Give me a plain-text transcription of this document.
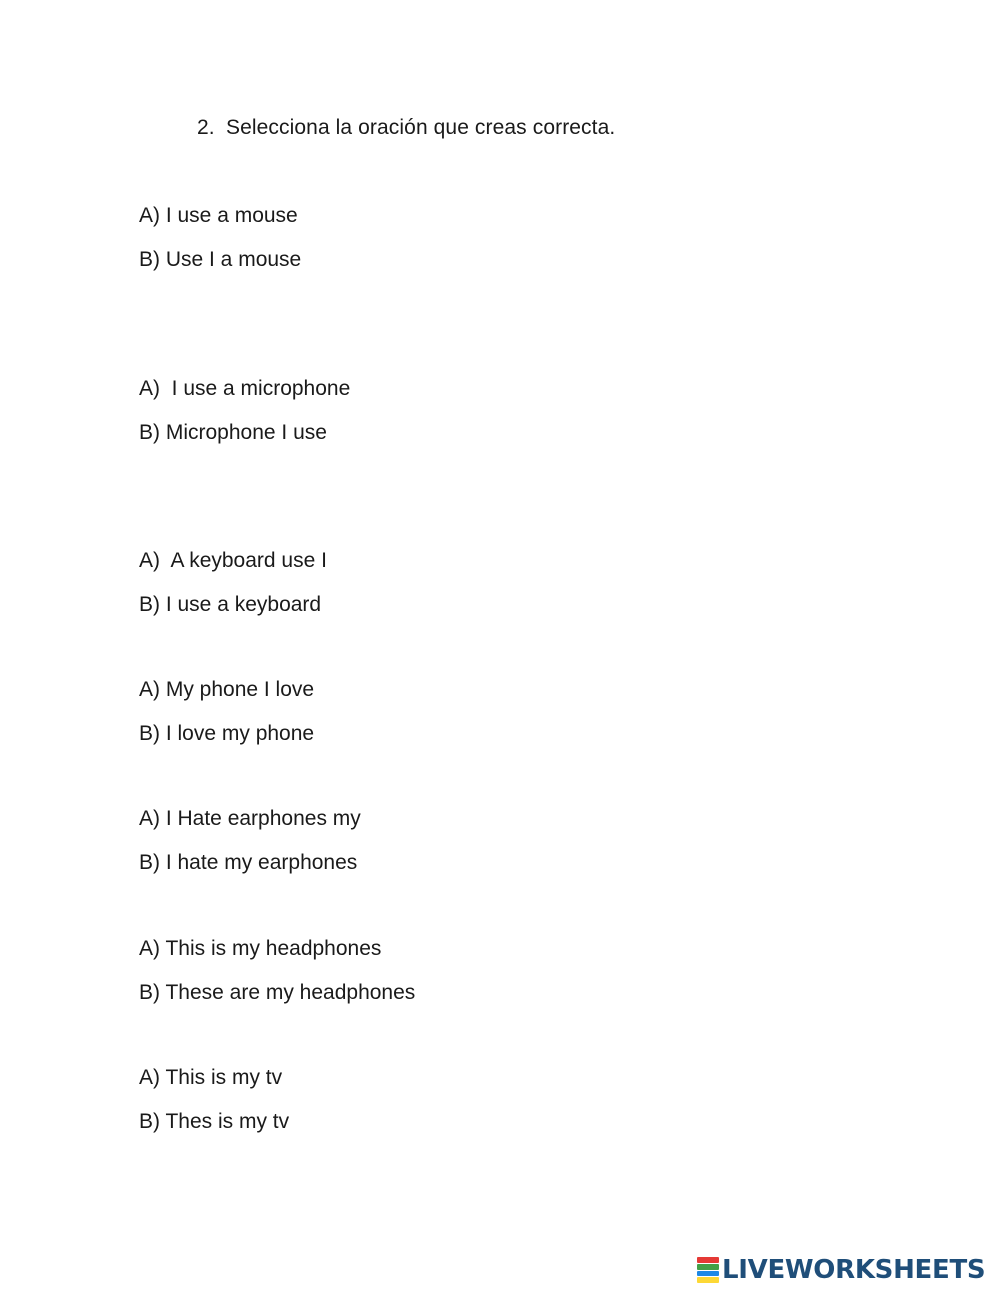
2. Selecciona la oración que creas correcta.
A) I use a mouse
B) Use I a mouse
A)  I use a microphone
B) Microphone I use
A)  A keyboard use I
B) I use a keyboard
A) My phone I love
B) I love my phone
A) I Hate earphones my
B) I hate my earphones
A) This is my headphones
B) These are my headphones
A) This is my tv
B) Thes is my tv
LIVEWORKSHEETS
